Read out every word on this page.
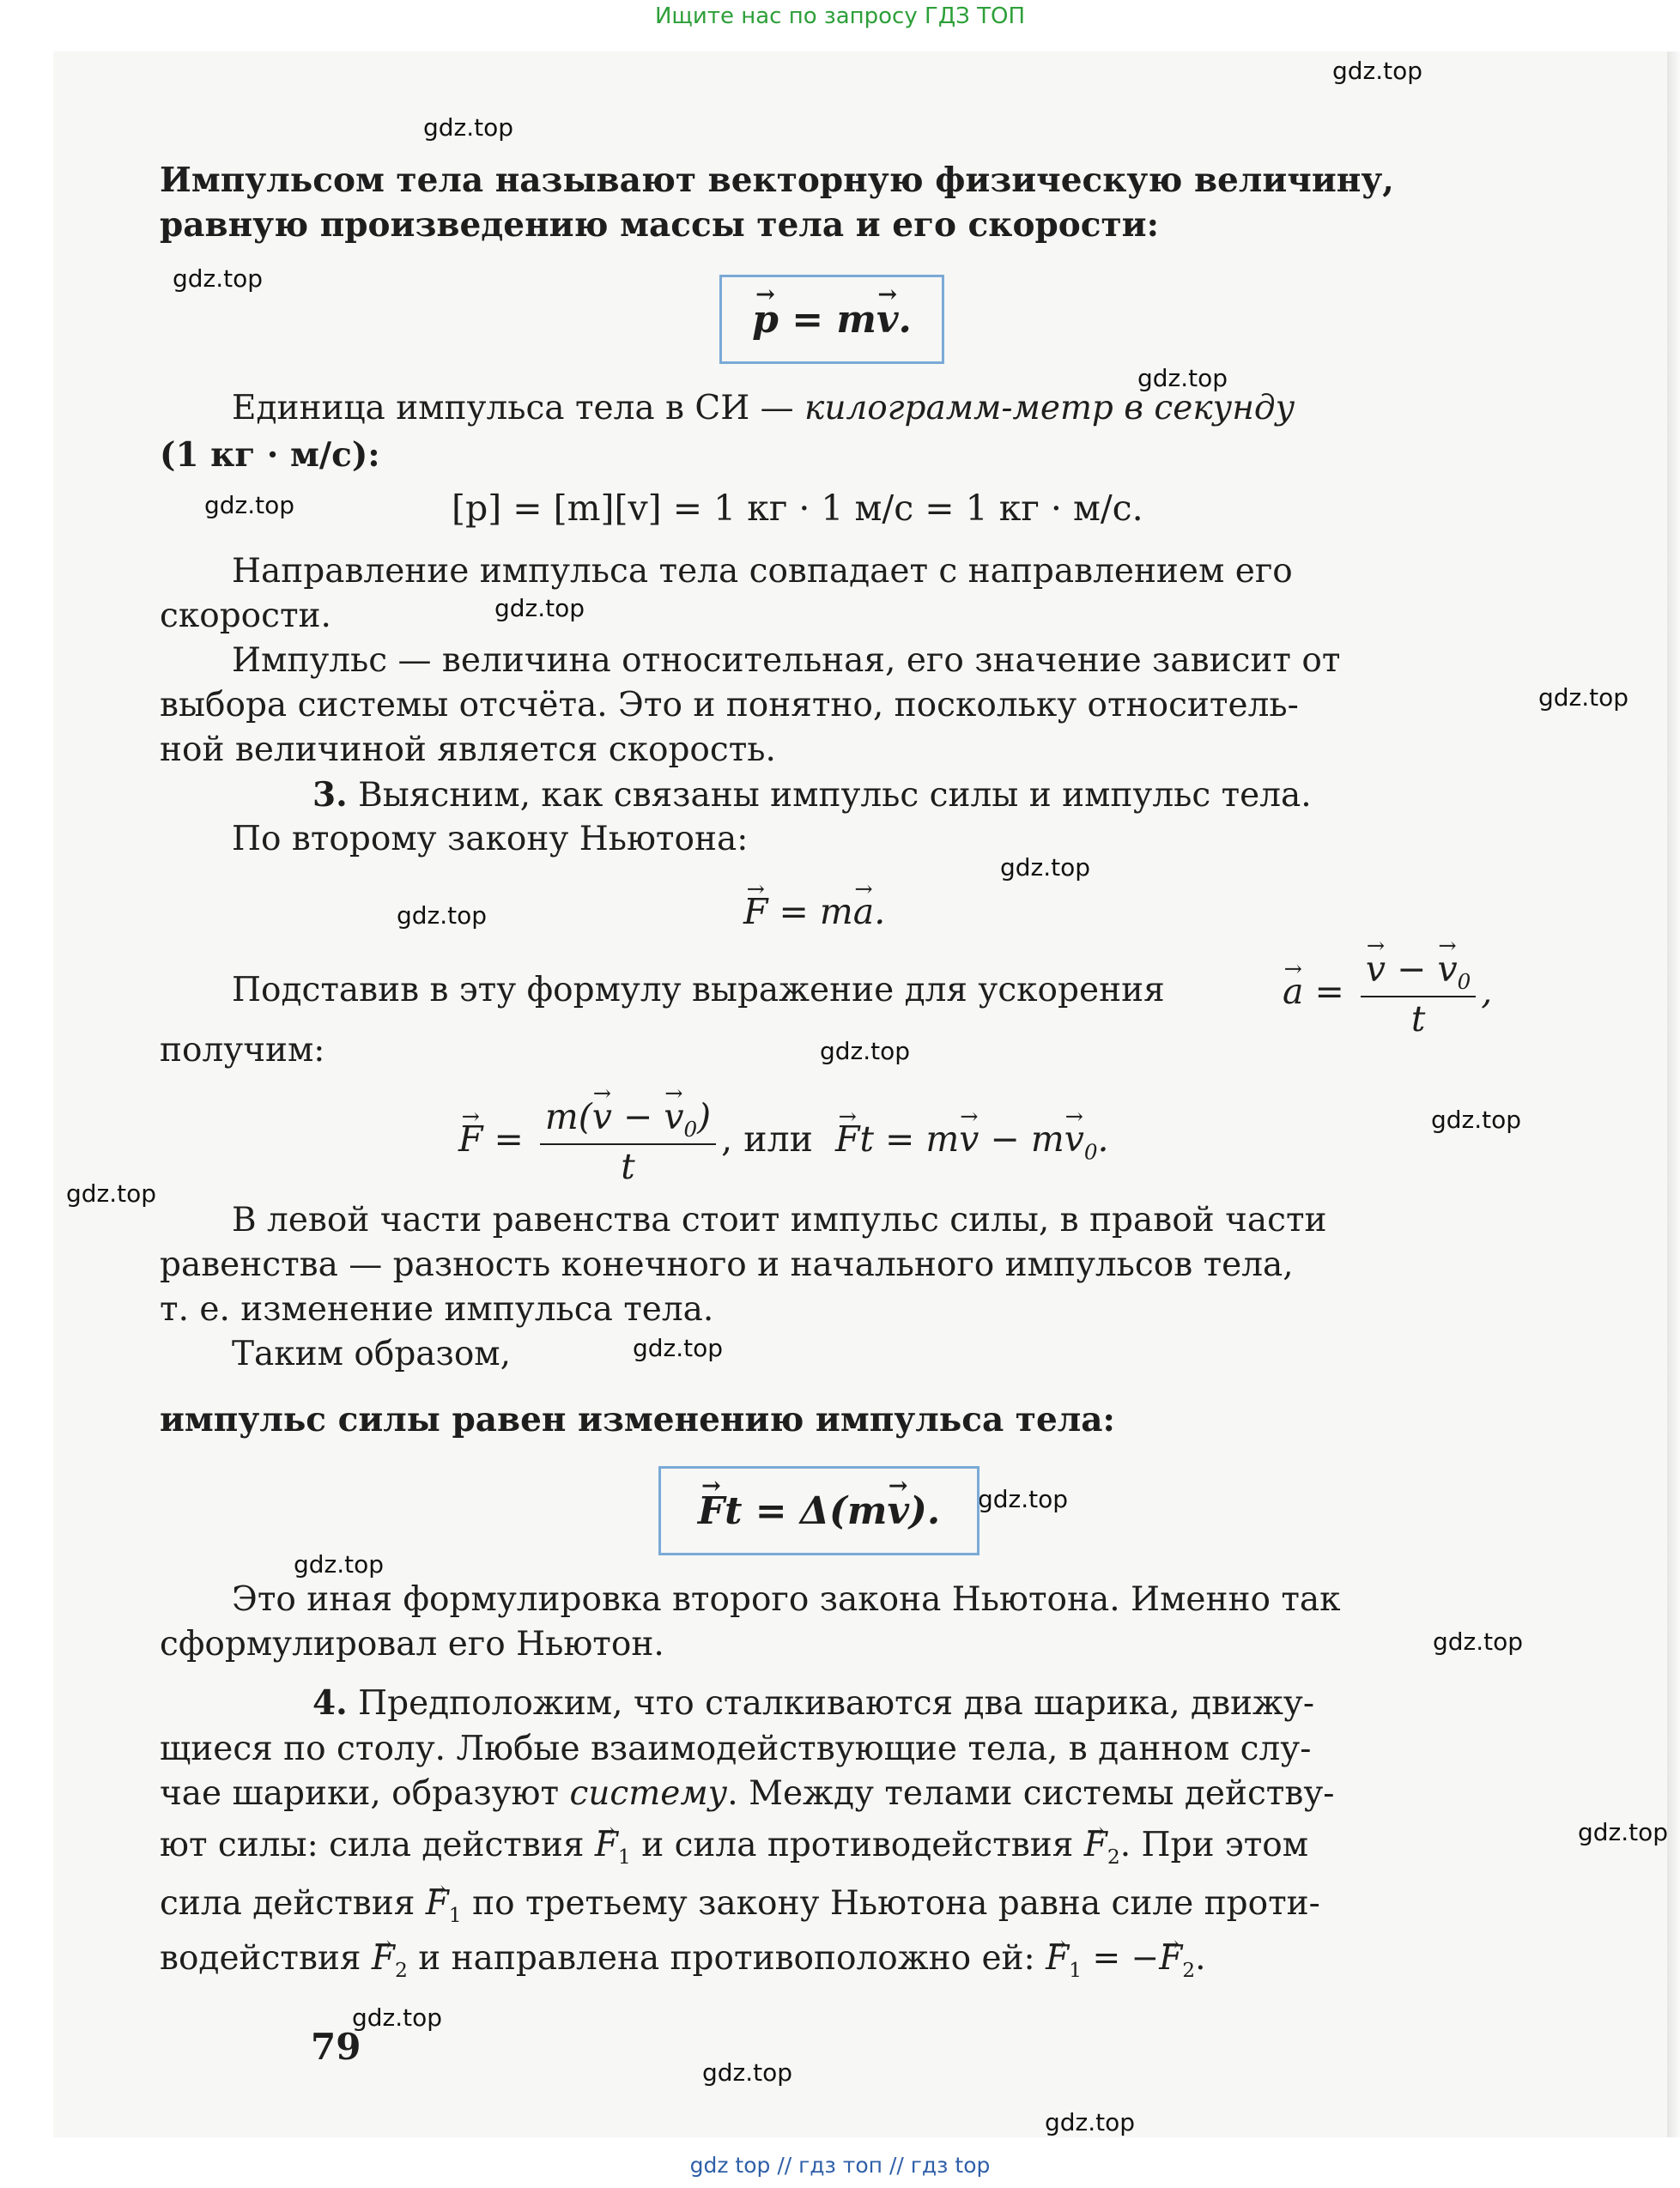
Ищите нас по запросу ГДЗ ТОП
gdz.top
gdz.top
gdz.top
gdz.top
gdz.top
gdz.top
gdz.top
gdz.top
gdz.top
gdz.top
gdz.top
gdz.top
gdz.top
gdz.top
gdz.top
gdz.top
gdz.top
gdz.top
gdz.top
gdz.top
Импульсом тела называют векторную физическую величину,
равную произведению массы тела и его скорости:
→ p = m→ v.
Единица импульса тела в СИ — килограмм-метр в секунду
(1 кг · м/с):
[p] = [m][v] = 1 кг · 1 м/с = 1 кг · м/с.
Направление импульса тела совпадает с направлением его
скорости.
Импульс — величина относительная, его значение зависит от
выбора системы отсчёта. Это и понятно, поскольку относитель-
ной величиной является скорость.
3. Выясним, как связаны импульс силы и импульс тела.
По второму закону Ньютона:
→ F = m→ a.
Подставив в эту формулу выражение для ускорения	→ a = → $\frac{v - \to v_0}{t}$ ,
получим:
→ $F = \frac{m(\to v - \to v_0)}{t}$ , или → $Ft = m\to v - m\to v_0$.
В левой части равенства стоит импульс силы, в правой части
равенства — разность конечного и начального импульсов тела,
т. е. изменение импульса тела.
Таким образом,
импульс силы равен изменению импульса тела:
→ Ft = Δ(m→ v).
Это иная формулировка второго закона Ньютона. Именно так
сформулировал его Ньютон.
4. Предположим, что сталкиваются два шарика, движу-
щиеся по столу. Любые взаимодействующие тела, в данном слу-
чае шарики, образуют систему. Между телами системы действу-
ют силы: сила действия → $F_1$ и сила противодействия → $F_2$. При этом
сила действия → $F_1$ по третьему закону Ньютона равна силе проти-
водействия → $F_2$ и направлена противоположно ей: → $F_1$ = −→ $F_2$.
79
gdz top // гдз топ // гдз top
